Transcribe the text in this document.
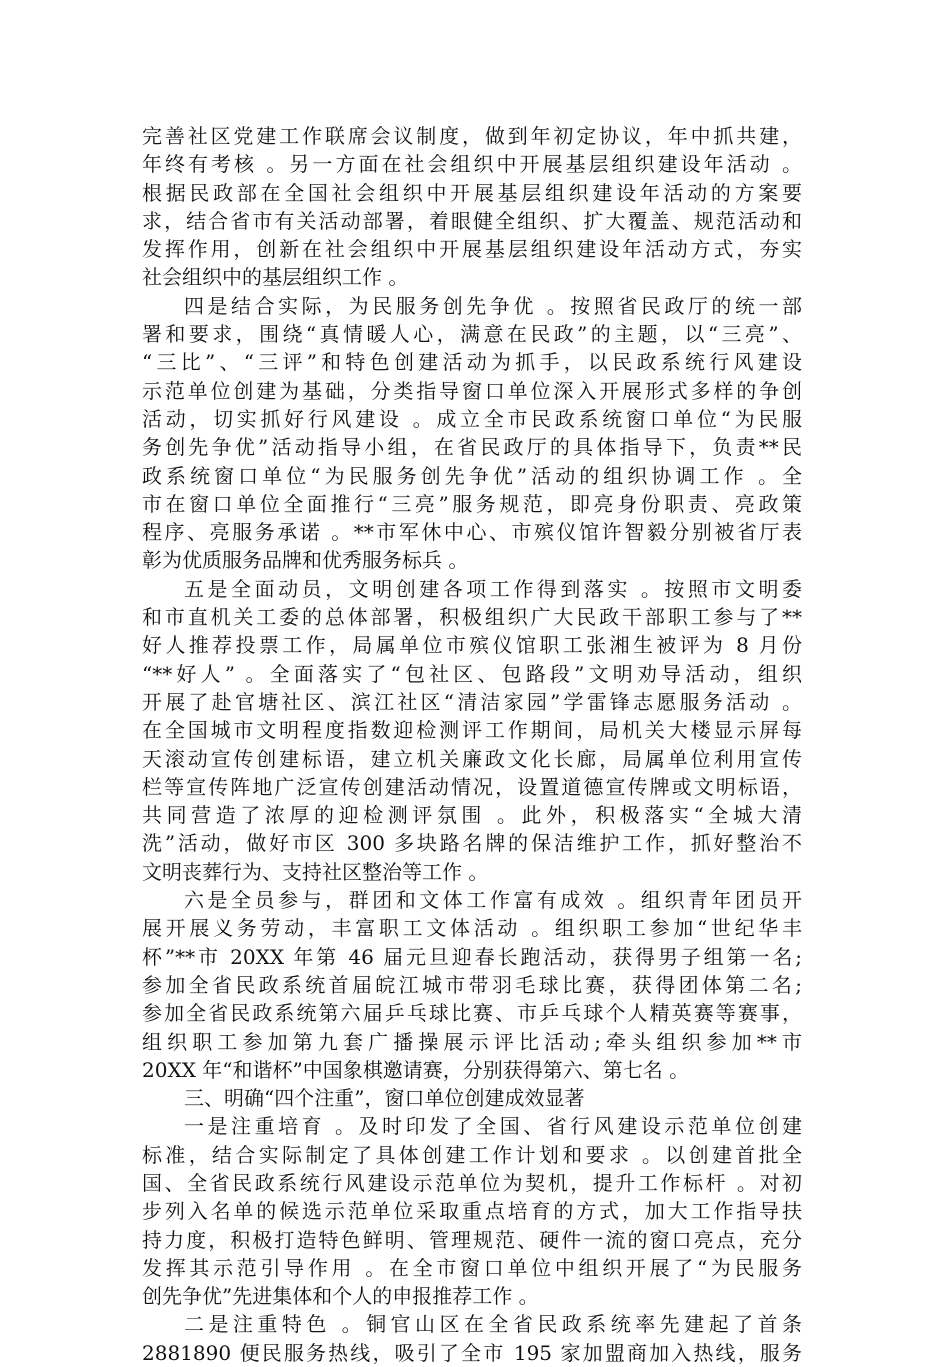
完善社区党建工作联席会议制度，做到年初定协议，年中抓共建，
年终有考核 。另一方面在社会组织中开展基层组织建设年活动 。
根据民政部在全国社会组织中开展基层组织建设年活动的方案要
求，结合省市有关活动部署，着眼健全组织、扩大覆盖、规范活动和
发挥作用，创新在社会组织中开展基层组织建设年活动方式，夯实
社会组织中的基层组织工作 。
四是结合实际，为民服务创先争优 。按照省民政厅的统一部
署和要求，围绕“真情暖人心，满意在民政”的主题，以“三亮”、
“三比”、“三评”和特色创建活动为抓手，以民政系统行风建设
示范单位创建为基础，分类指导窗口单位深入开展形式多样的争创
活动，切实抓好行风建设 。成立全市民政系统窗口单位“为民服
务创先争优”活动指导小组，在省民政厅的具体指导下，负责**民
政系统窗口单位“为民服务创先争优”活动的组织协调工作 。全
市在窗口单位全面推行“三亮”服务规范，即亮身份职责、亮政策
程序、亮服务承诺 。**市军休中心、市殡仪馆许智毅分别被省厅表
彰为优质服务品牌和优秀服务标兵 。
五是全面动员，文明创建各项工作得到落实 。按照市文明委
和市直机关工委的总体部署，积极组织广大民政干部职工参与了**
好人推荐投票工作，局属单位市殡仪馆职工张湘生被评为 8 月份
“**好人” 。全面落实了“包社区、包路段”文明劝导活动，组织
开展了赴官塘社区、滨江社区“清洁家园”学雷锋志愿服务活动 。
在全国城市文明程度指数迎检测评工作期间，局机关大楼显示屏每
天滚动宣传创建标语，建立机关廉政文化长廊，局属单位利用宣传
栏等宣传阵地广泛宣传创建活动情况，设置道德宣传牌或文明标语，
共同营造了浓厚的迎检测评氛围 。此外，积极落实“全城大清
洗”活动，做好市区 300 多块路名牌的保洁维护工作，抓好整治不
文明丧葬行为、支持社区整治等工作 。
六是全员参与，群团和文体工作富有成效 。组织青年团员开
展开展义务劳动，丰富职工文体活动 。组织职工参加“世纪华丰
杯”**市 20XX 年第 46 届元旦迎春长跑活动，获得男子组第一名;
参加全省民政系统首届皖江城市带羽毛球比赛，获得团体第二名;
参加全省民政系统第六届乒乓球比赛、市乒乓球个人精英赛等赛事，
组织职工参加第九套广播操展示评比活动;牵头组织参加**市
20XX 年“和谐杯”中国象棋邀请赛，分别获得第六、第七名 。
三、明确“四个注重”，窗口单位创建成效显著
一是注重培育 。及时印发了全国、省行风建设示范单位创建
标准，结合实际制定了具体创建工作计划和要求 。以创建首批全
国、全省民政系统行风建设示范单位为契机，提升工作标杆 。对初
步列入名单的候选示范单位采取重点培育的方式，加大工作指导扶
持力度，积极打造特色鲜明、管理规范、硬件一流的窗口亮点，充分
发挥其示范引导作用 。在全市窗口单位中组织开展了“为民服务
创先争优”先进集体和个人的申报推荐工作 。
二是注重特色 。铜官山区在全省民政系统率先建起了首条
2881890 便民服务热线，吸引了全市 195 家加盟商加入热线，服务
